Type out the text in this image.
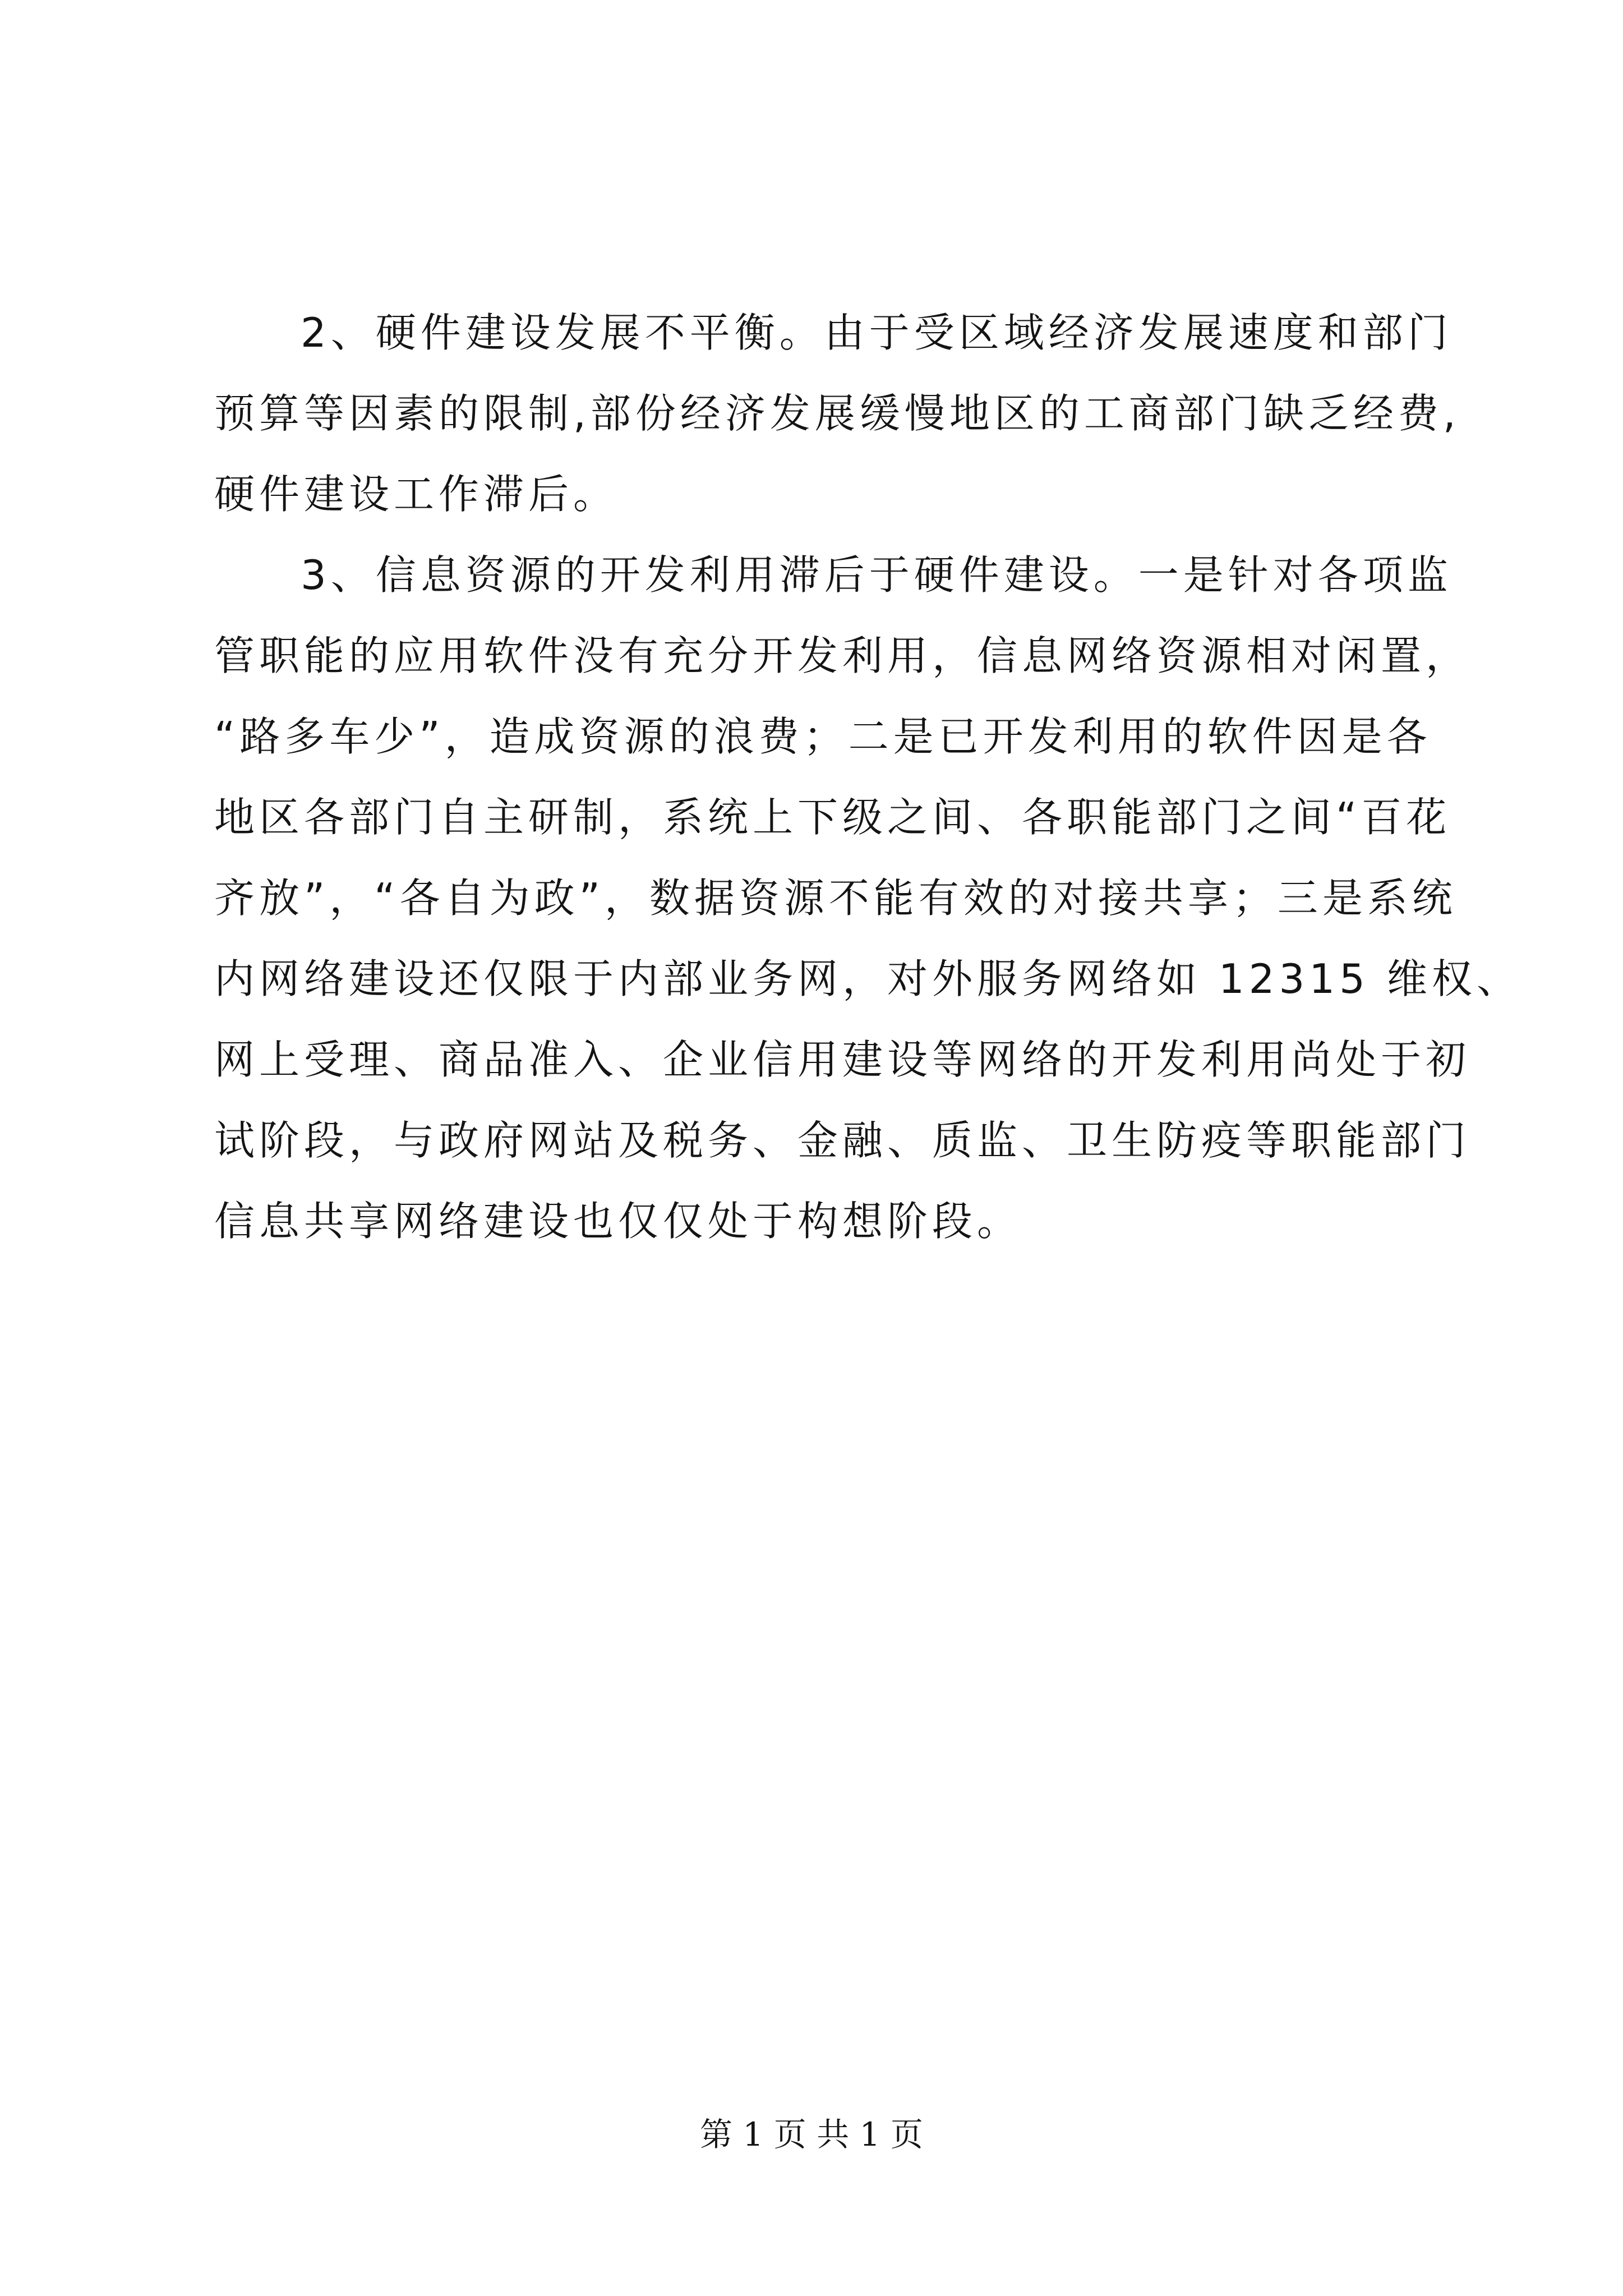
2、硬件建设发展不平衡。由于受区域经济发展速度和部门
预算等因素的限制,部份经济发展缓慢地区的工商部门缺乏经费,
硬件建设工作滞后。
3、信息资源的开发利用滞后于硬件建设。一是针对各项监
管职能的应用软件没有充分开发利用，信息网络资源相对闲置，
“路多车少”，造成资源的浪费；二是已开发利用的软件因是各
地区各部门自主研制，系统上下级之间、各职能部门之间“百花
齐放”，“各自为政”，数据资源不能有效的对接共享；三是系统
内网络建设还仅限于内部业务网，对外服务网络如 12315 维权、
网上受理、商品准入、企业信用建设等网络的开发利用尚处于初
试阶段，与政府网站及税务、金融、质监、卫生防疫等职能部门
信息共享网络建设也仅仅处于构想阶段。
第 1 页 共 1 页
